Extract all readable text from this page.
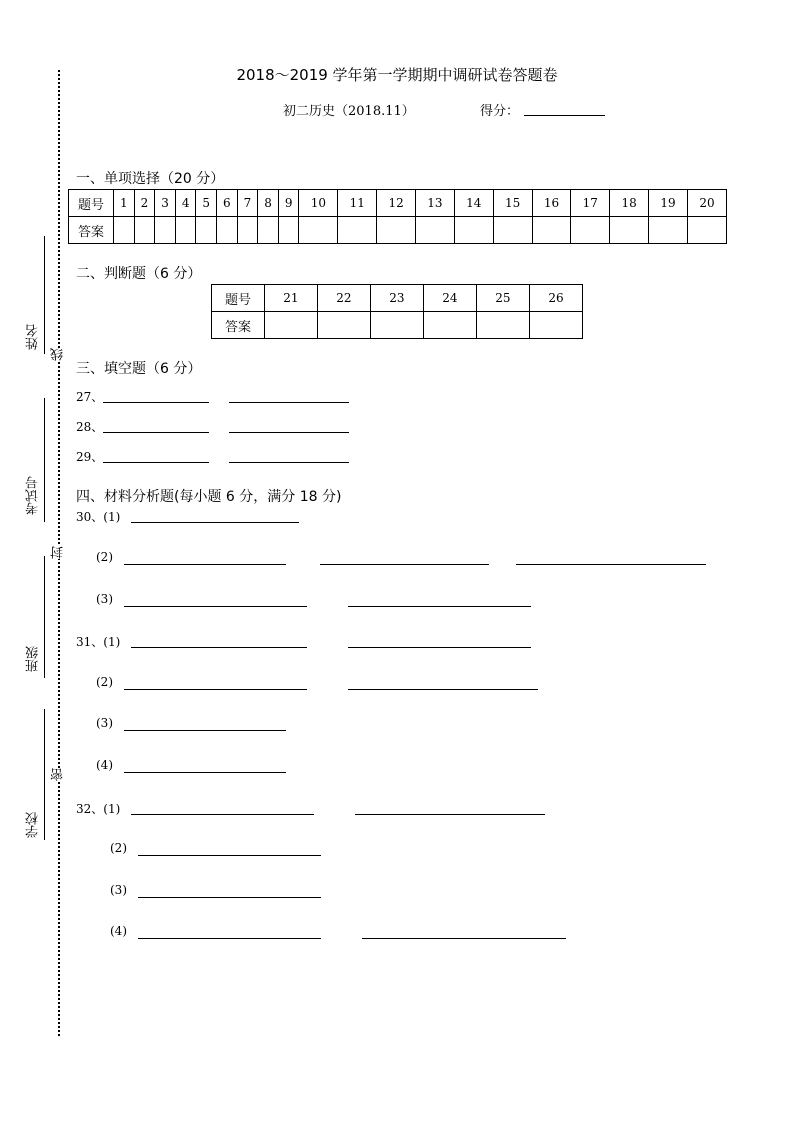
2018～2019 学年第一学期期中调研试卷答题卷
初二历史（2018.11）	得分：
一、单项选择（20 分）
题号	1	2	3	4	5	6	7	8	9	10	11	12	13	14	15	16	17	18	19	20
答案																				
二、判断题（6 分）
题号	21	22	23	24	25	26
答案						
三、填空题（6 分）
27、
28、
29、
四、材料分析题(每小题 6 分，满分 18 分)
30、(1)
(2)
(3)
31、(1)
(2)
(3)
(4)
32、(1)
(2)
(3)
(4)
姓名
考试号
班级
学校
线
封
密
